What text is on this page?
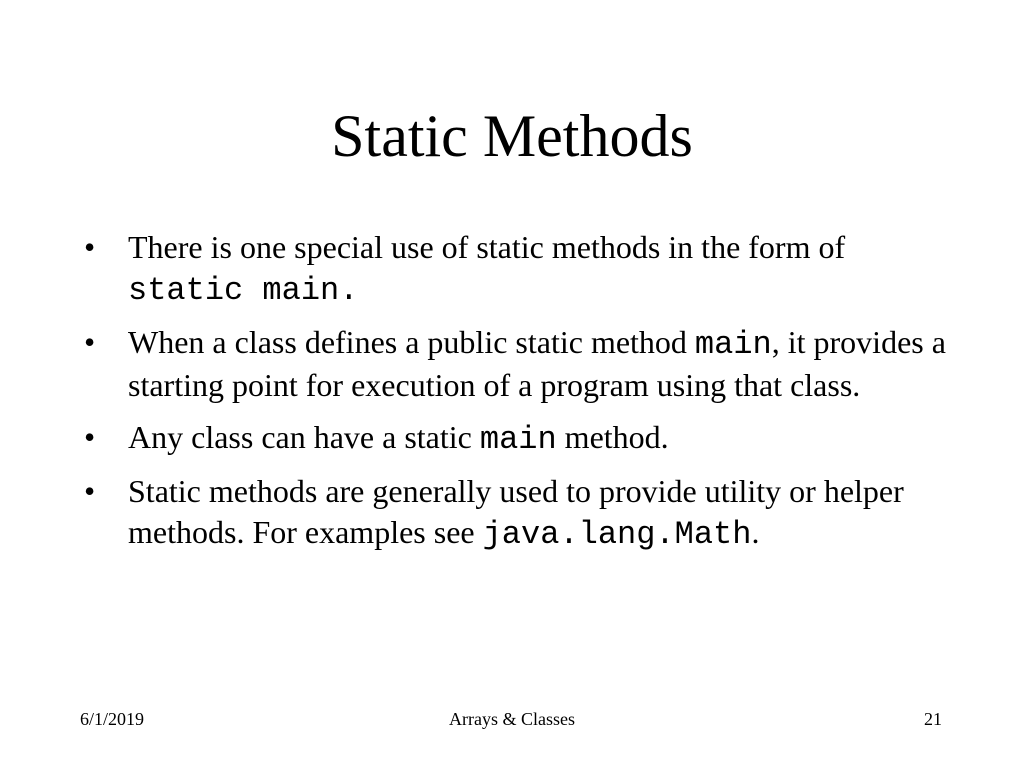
Static Methods
• There is one special use of static methods in the form of static main.
• When a class defines a public static method main, it provides a starting point for execution of a program using that class.
• Any class can have a static main method.
• Static methods are generally used to provide utility or helper methods. For examples see java.lang.Math.
6/1/2019	Arrays & Classes	21
